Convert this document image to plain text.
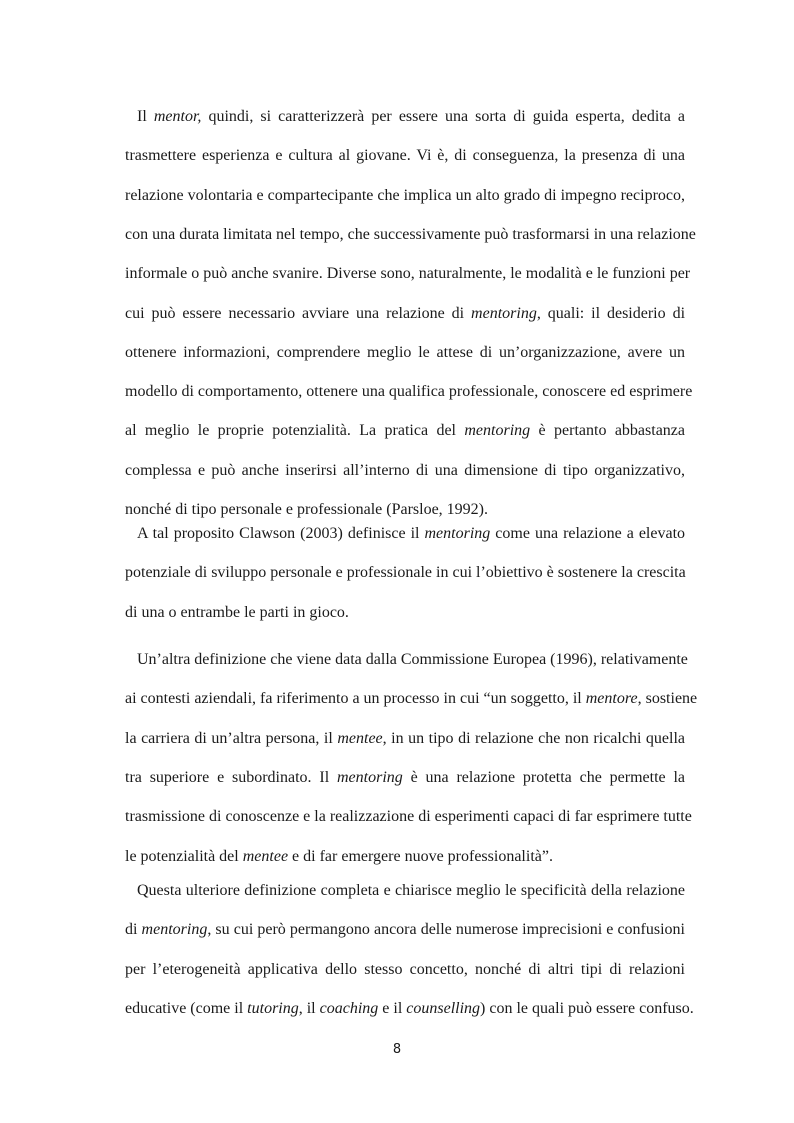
Il mentor, quindi, si caratterizzerà per essere una sorta di guida esperta, dedita a
trasmettere esperienza e cultura al giovane. Vi è, di conseguenza, la presenza di una
relazione volontaria e compartecipante che implica un alto grado di impegno reciproco,
con una durata limitata nel tempo, che successivamente può trasformarsi in una relazione
informale o può anche svanire. Diverse sono, naturalmente, le modalità e le funzioni per
cui può essere necessario avviare una relazione di mentoring, quali: il desiderio di
ottenere informazioni, comprendere meglio le attese di un’organizzazione, avere un
modello di comportamento, ottenere una qualifica professionale, conoscere ed esprimere
al meglio le proprie potenzialità. La pratica del mentoring è pertanto abbastanza
complessa e può anche inserirsi all’interno di una dimensione di tipo organizzativo,
nonché di tipo personale e professionale (Parsloe, 1992).
A tal proposito Clawson (2003) definisce il mentoring come una relazione a elevato
potenziale di sviluppo personale e professionale in cui l’obiettivo è sostenere la crescita
di una o entrambe le parti in gioco.
Un’altra definizione che viene data dalla Commissione Europea (1996), relativamente
ai contesti aziendali, fa riferimento a un processo in cui “un soggetto, il mentore, sostiene
la carriera di un’altra persona, il mentee, in un tipo di relazione che non ricalchi quella
tra superiore e subordinato. Il mentoring è una relazione protetta che permette la
trasmissione di conoscenze e la realizzazione di esperimenti capaci di far esprimere tutte
le potenzialità del mentee e di far emergere nuove professionalità”.
Questa ulteriore definizione completa e chiarisce meglio le specificità della relazione
di mentoring, su cui però permangono ancora delle numerose imprecisioni e confusioni
per l’eterogeneità applicativa dello stesso concetto, nonché di altri tipi di relazioni
educative (come il tutoring, il coaching e il counselling) con le quali può essere confuso.
8
